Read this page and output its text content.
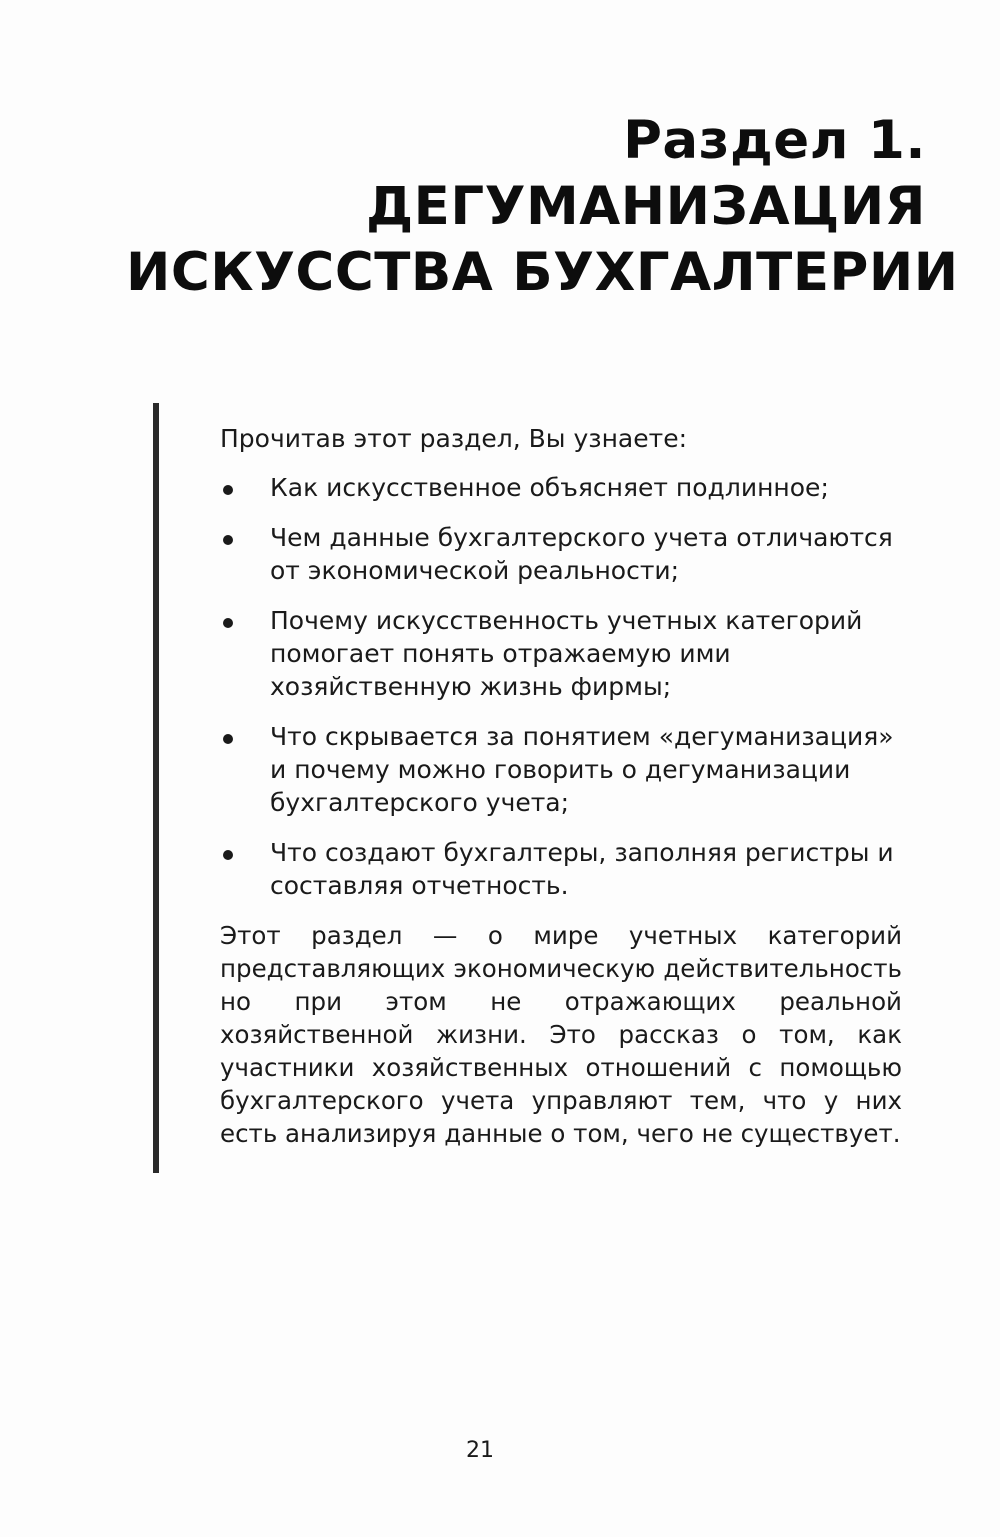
Раздел 1.
ДЕГУМАНИЗАЦИЯ
ИСКУССТВА БУХГАЛТЕРИИ

Прочитав этот раздел, Вы узнаете:

Как искусственное объясняет подлинное;
Чем данные бухгалтерского учета отличаются от экономической реальности;
Почему искусственность учетных категорий помогает понять отражаемую ими хозяйственную жизнь фирмы;
Что скрывается за понятием «дегуманизация» и почему можно говорить о дегуманизации бухгалтерского учета;
Что создают бухгалтеры, заполняя регистры и составляя отчетность.

Этот раздел — о мире учетных категорий представляющих экономическую действительность но при этом не отражающих реальной хозяйственной жизни. Это рассказ о том, как участники хозяйственных отношений с помощью бухгалтерского учета управляют тем, что у них есть анализируя данные о том, чего не существует.

21
